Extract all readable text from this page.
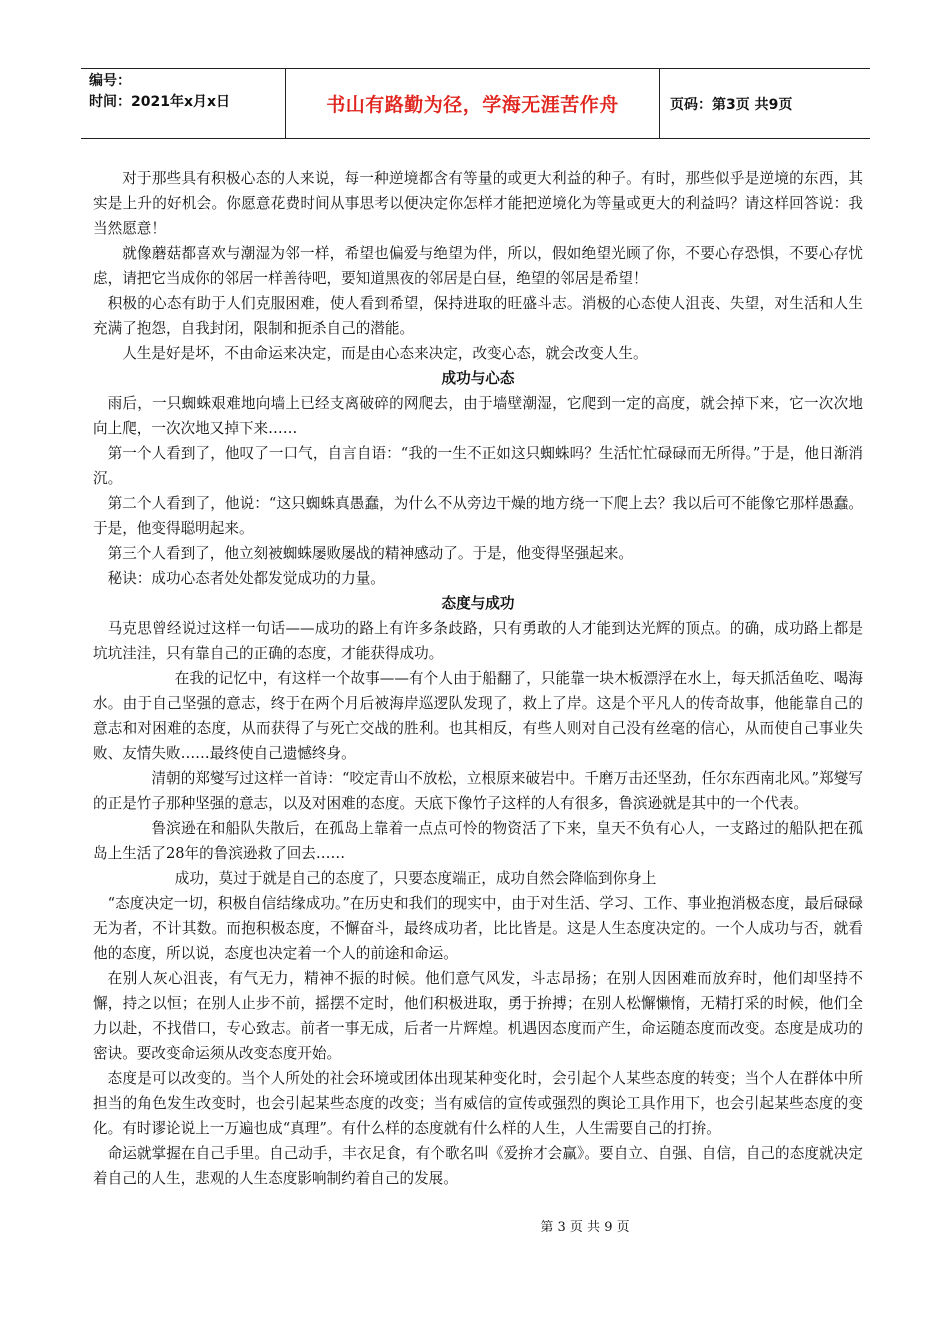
编号：
时间：2021年x月x日	书山有路勤为径，学海无涯苦作舟	页码：第3页 共9页

对于那些具有积极心态的人来说，每一种逆境都含有等量的或更大利益的种子。有时，那些似乎是逆境的东西，其实是上升的好机会。你愿意花费时间从事思考以便决定你怎样才能把逆境化为等量或更大的利益吗？请这样回答说：我当然愿意！

就像蘑菇都喜欢与潮湿为邻一样，希望也偏爱与绝望为伴，所以，假如绝望光顾了你，不要心存恐惧，不要心存忧虑，请把它当成你的邻居一样善待吧，要知道黑夜的邻居是白昼，绝望的邻居是希望！

积极的心态有助于人们克服困难，使人看到希望，保持进取的旺盛斗志。消极的心态使人沮丧、失望，对生活和人生充满了抱怨，自我封闭，限制和扼杀自己的潜能。

人生是好是坏，不由命运来决定，而是由心态来决定，改变心态，就会改变人生。

成功与心态

雨后，一只蜘蛛艰难地向墙上已经支离破碎的网爬去，由于墙壁潮湿，它爬到一定的高度，就会掉下来，它一次次地向上爬，一次次地又掉下来……

第一个人看到了，他叹了一口气，自言自语：“我的一生不正如这只蜘蛛吗？生活忙忙碌碌而无所得。”于是，他日渐消沉。

第二个人看到了，他说：“这只蜘蛛真愚蠢，为什么不从旁边干燥的地方绕一下爬上去？我以后可不能像它那样愚蠢。于是，他变得聪明起来。

第三个人看到了，他立刻被蜘蛛屡败屡战的精神感动了。于是，他变得坚强起来。

秘诀：成功心态者处处都发觉成功的力量。

态度与成功

马克思曾经说过这样一句话——成功的路上有许多条歧路，只有勇敢的人才能到达光辉的顶点。的确，成功路上都是坑坑洼洼，只有靠自己的正确的态度，才能获得成功。

在我的记忆中，有这样一个故事——有个人由于船翻了，只能靠一块木板漂浮在水上，每天抓活鱼吃、喝海水。由于自己坚强的意志，终于在两个月后被海岸巡逻队发现了，救上了岸。这是个平凡人的传奇故事，他能靠自己的意志和对困难的态度，从而获得了与死亡交战的胜利。也其相反，有些人则对自己没有丝毫的信心，从而使自己事业失败、友情失败……最终使自己遗憾终身。

清朝的郑燮写过这样一首诗：“咬定青山不放松，立根原来破岩中。千磨万击还坚劲，任尔东西南北风。”郑燮写的正是竹子那种坚强的意志，以及对困难的态度。天底下像竹子这样的人有很多，鲁滨逊就是其中的一个代表。

鲁滨逊在和船队失散后，在孤岛上靠着一点点可怜的物资活了下来，皇天不负有心人，一支路过的船队把在孤岛上生活了28年的鲁滨逊救了回去……

成功，莫过于就是自己的态度了，只要态度端正，成功自然会降临到你身上

“态度决定一切，积极自信结缘成功。”在历史和我们的现实中，由于对生活、学习、工作、事业抱消极态度，最后碌碌无为者，不计其数。而抱积极态度，不懈奋斗，最终成功者，比比皆是。这是人生态度决定的。一个人成功与否，就看他的态度，所以说，态度也决定着一个人的前途和命运。

在别人灰心沮丧，有气无力，精神不振的时候。他们意气风发，斗志昂扬；在别人因困难而放弃时，他们却坚持不懈，持之以恒；在别人止步不前，摇摆不定时，他们积极进取，勇于拚搏；在别人松懈懒惰，无精打采的时候，他们全力以赴，不找借口，专心致志。前者一事无成，后者一片辉煌。机遇因态度而产生，命运随态度而改变。态度是成功的密诀。要改变命运须从改变态度开始。

态度是可以改变的。当个人所处的社会环境或团体出现某种变化时，会引起个人某些态度的转变；当个人在群体中所担当的角色发生改变时，也会引起某些态度的改变；当有威信的宣传或强烈的舆论工具作用下，也会引起某些态度的变化。有时谬论说上一万遍也成“真理”。有什么样的态度就有什么样的人生，人生需要自己的打拚。

命运就掌握在自己手里。自己动手，丰衣足食，有个歌名叫《爱拚才会赢》。要自立、自强、自信，自己的态度就决定着自己的人生，悲观的人生态度影响制约着自己的发展。

第 3 页 共 9 页
